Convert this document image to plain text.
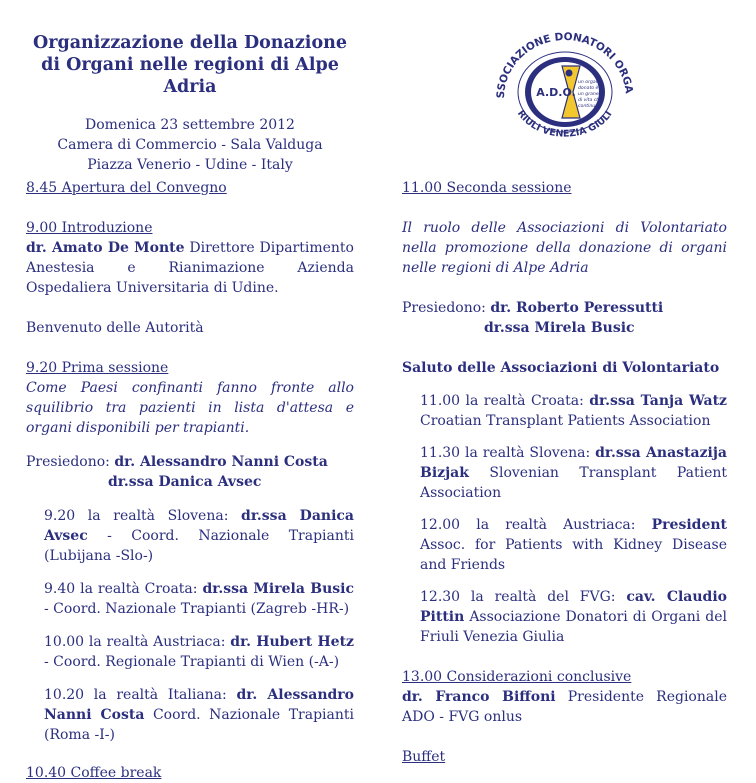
Organizzazione della Donazione
di Organi nelle regioni di Alpe Adria
Domenica 23 settembre 2012
Camera di Commercio - Sala Valduga
Piazza Venerio - Udine - Italy
SSOCIAZIONE DONATORI ORGA
RIULI VENEZIA GIULI
A.D.O.
un organo
donato è
un granello
di vita che
continua
8.45 Apertura del Convegno
9.00 Introduzione
dr. Amato De Monte Direttore Dipartimento Anestesia e Rianimazione Azienda Ospedaliera Universitaria di Udine.
Benvenuto delle Autorità
9.20 Prima sessione
Come Paesi confinanti fanno fronte allo squilibrio tra pazienti in lista d'attesa e organi disponibili per trapianti.
Presiedono: dr. Alessandro Nanni Costa
dr.ssa Danica Avsec
9.20 la realtà Slovena: dr.ssa Danica Avsec - Coord. Nazionale Trapianti (Lubijana -Slo-)
9.40 la realtà Croata: dr.ssa Mirela Busic - Coord. Nazionale Trapianti (Zagreb -HR-)
10.00 la realtà Austriaca: dr. Hubert Hetz - Coord. Regionale Trapianti di Wien (-A-)
10.20 la realtà Italiana: dr. Alessandro Nanni Costa Coord. Nazionale Trapianti (Roma -I-)
10.40 Coffee break
11.00 Seconda sessione
Il ruolo delle Associazioni di Volontariato nella promozione della donazione di organi nelle regioni di Alpe Adria
Presiedono: dr. Roberto Peressutti
dr.ssa Mirela Busic
Saluto delle Associazioni di Volontariato
11.00 la realtà Croata: dr.ssa Tanja Watz Croatian Transplant Patients Association
11.30 la realtà Slovena: dr.ssa Anastazija Bizjak Slovenian Transplant Patient Association
12.00 la realtà Austriaca: President Assoc. for Patients with Kidney Disease and Friends
12.30 la realtà del FVG: cav. Claudio Pittin Associazione Donatori di Organi del Friuli Venezia Giulia
13.00 Considerazioni conclusive
dr. Franco Biffoni Presidente Regionale ADO - FVG onlus
Buffet
